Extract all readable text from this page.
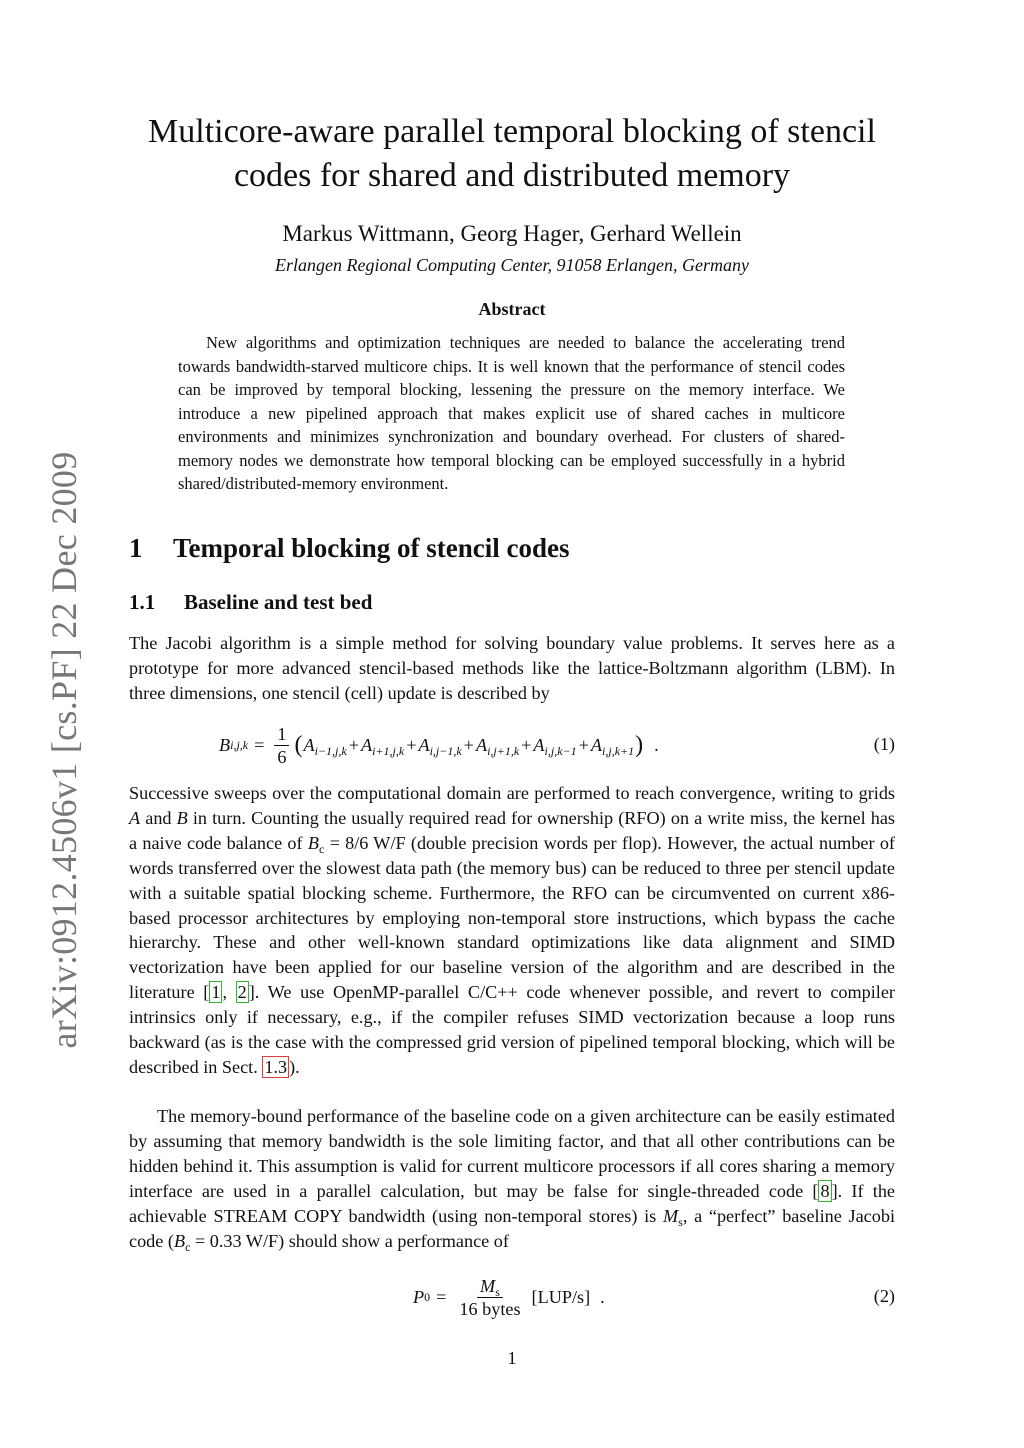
arXiv:0912.4506v1 [cs.PF] 22 Dec 2009
Multicore-aware parallel temporal blocking of stencil
codes for shared and distributed memory
Markus Wittmann, Georg Hager, Gerhard Wellein
Erlangen Regional Computing Center, 91058 Erlangen, Germany
Abstract
New algorithms and optimization techniques are needed to balance the accelerating trend towards bandwidth-starved multicore chips. It is well known that the performance of stencil codes can be improved by temporal blocking, lessening the pressure on the memory interface. We introduce a new pipelined approach that makes explicit use of shared caches in multicore environments and minimizes synchronization and boundary overhead. For clusters of shared-memory nodes we demonstrate how temporal blocking can be employed successfully in a hybrid shared/distributed-memory environment.
1 Temporal blocking of stencil codes
1.1 Baseline and test bed

The Jacobi algorithm is a simple method for solving boundary value problems. It serves here as a prototype for more advanced stencil-based methods like the lattice-Boltzmann algorithm (LBM). In three dimensions, one stencil (cell) update is described by

B $i,j,k = \frac{1}{6}$ ( $A_{i-1,j,k} + A_{i+1,j,k} + A_{i,j-1,k} + A_{i,j+1,k} + A_{i,j,k-1} + A_{i,j,k+1}$ ) .	(1)

Successive sweeps over the computational domain are performed to reach convergence, writing to grids A and B in turn. Counting the usually required read for ownership (RFO) on a write miss, the kernel has a naive code balance of $B_c = 8/6$ W/F (double precision words per flop). However, the actual number of words transferred over the slowest data path (the memory bus) can be reduced to three per stencil update with a suitable spatial blocking scheme. Furthermore, the RFO can be circumvented on current x86-based processor architectures by employing non-temporal store instructions, which bypass the cache hierarchy. These and other well-known standard optimizations like data alignment and SIMD vectorization have been applied for our baseline version of the algorithm and are described in the literature [ 1 , 2 ]. We use OpenMP-parallel C/C++ code whenever possible, and revert to compiler intrinsics only if necessary, e.g., if the compiler refuses SIMD vectorization because a loop runs backward (as is the case with the compressed grid version of pipelined temporal blocking, which will be described in Sect. 1.3 ).

The memory-bound performance of the baseline code on a given architecture can be easily estimated by assuming that memory bandwidth is the sole limiting factor, and that all other contributions can be hidden behind it. This assumption is valid for current multicore processors if all cores sharing a memory interface are used in a parallel calculation, but may be false for single-threaded code [ 8 ]. If the achievable STREAM COPY bandwidth (using non-temporal stores) is $M_s$, a “perfect” baseline Jacobi code ($B_c = 0.33$ W/F) should show a performance of

P $0 = \frac{M_s}{\text{16 bytes}} [LUP/s]$ .	(2)
1
